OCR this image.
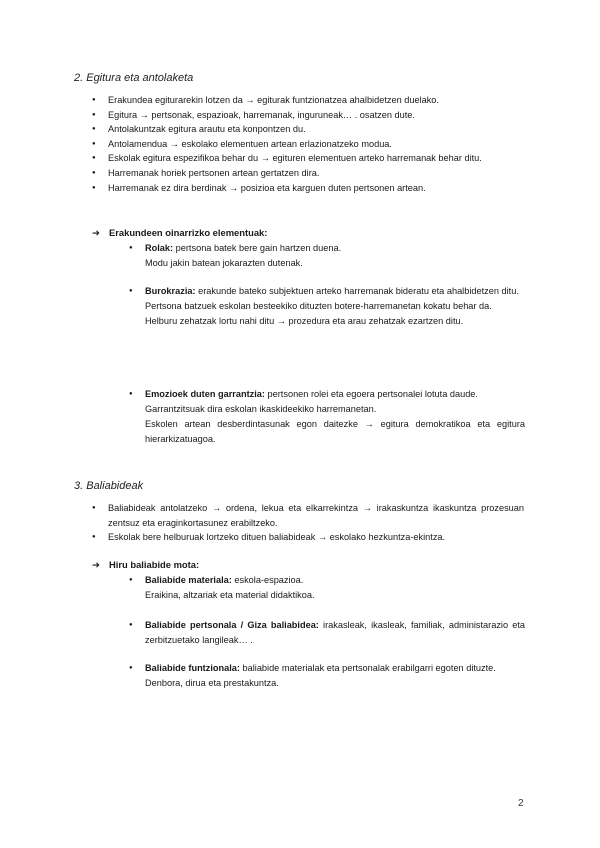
2. Egitura eta antolaketa
● Erakundea egiturarekin lotzen da → egiturak funtzionatzea ahalbidetzen duelako.
● Egitura → pertsonak, espazioak, harremanak, inguruneak… . osatzen dute.
● Antolakuntzak egitura arautu eta konpontzen du.
● Antolamendua → eskolako elementuen artean erlazionatzeko modua.
● Eskolak egitura espezifikoa behar du → egituren elementuen arteko harremanak behar ditu.
● Harremanak horiek pertsonen artean gertatzen dira.
● Harremanak ez dira berdinak → posizioa eta karguen duten pertsonen artean.
➔ Erakundeen oinarrizko elementuak:

● Rolak: pertsona batek bere gain hartzen duena.

Modu jakin batean jokarazten dutenak.

● Burokrazia: erakunde bateko subjektuen arteko harremanak bideratu eta ahalbidetzen ditu.

Pertsona batzuek eskolan besteekiko dituzten botere-harremanetan kokatu behar da.

Helburu zehatzak lortu nahi ditu → prozedura eta arau zehatzak ezartzen ditu.

● Emozioek duten garrantzia: pertsonen rolei eta egoera pertsonalei lotuta daude.

Garrantzitsuak dira eskolan ikaskideekiko harremanetan.

Eskolen artean desberdintasunak egon daitezke → egitura demokratikoa eta egitura hierarkizatuagoa.

3. Baliabideak
● Baliabideak antolatzeko → ordena, lekua eta elkarrekintza → irakaskuntza ikaskuntza prozesuan zentsuz eta eraginkortasunez erabiltzeko.
● Eskolak bere helburuak lortzeko dituen baliabideak → eskolako hezkuntza-ekintza.
➔ Hiru baliabide mota:

● Baliabide materiala: eskola-espazioa.

Eraikina, altzariak eta material didaktikoa.

● Baliabide pertsonala / Giza baliabidea: irakasleak, ikasleak, familiak, administarazio eta zerbitzuetako langileak… .

● Baliabide funtzionala: baliabide materialak eta pertsonalak erabilgarri egoten dituzte.

Denbora, dirua eta prestakuntza.

2
